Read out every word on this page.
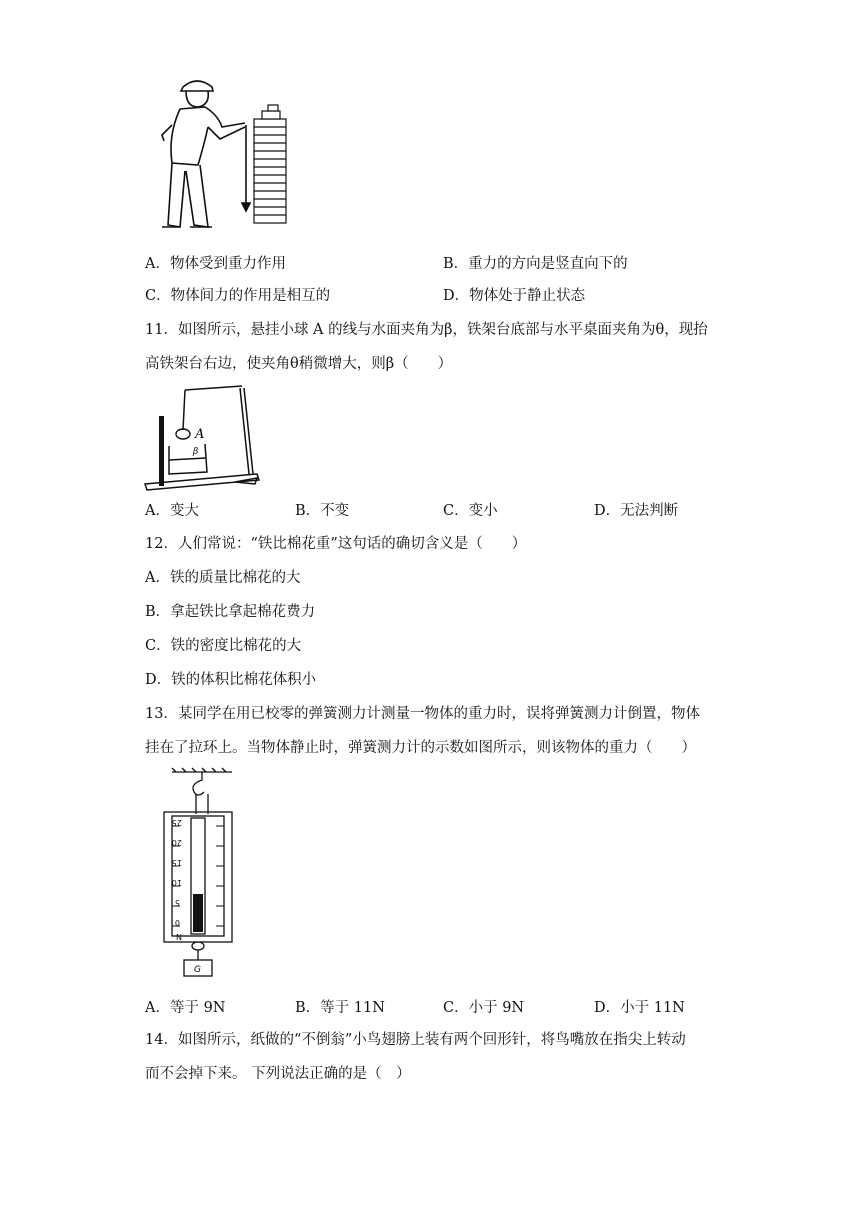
A．物体受到重力作用	B．重力的方向是竖直向下的
C．物体间力的作用是相互的	D．物体处于静止状态
11．如图所示，悬挂小球 A 的线与水面夹角为β，铁架台底部与水平桌面夹角为θ，现抬
高铁架台右边，使夹角θ稍微增大，则β（　　）
A
β
A．变大	B．不变	C．变小	D．无法判断
12．人们常说：“铁比棉花重”这句话的确切含义是（　　）
A．铁的质量比棉花的大
B．拿起铁比拿起棉花费力
C．铁的密度比棉花的大
D．铁的体积比棉花体积小
13．某同学在用已校零的弹簧测力计测量一物体的重力时，误将弹簧测力计倒置，物体
挂在了拉环上。当物体静止时，弹簧测力计的示数如图所示，则该物体的重力（　　）
25
20
15
10
5
0
N
G
A．等于 9N	B．等于 11N	C．小于 9N	D．小于 11N
14．如图所示，纸做的“不倒翁”小鸟翅膀上装有两个回形针，将鸟嘴放在指尖上转动
而不会掉下来。 下列说法正确的是（　）
